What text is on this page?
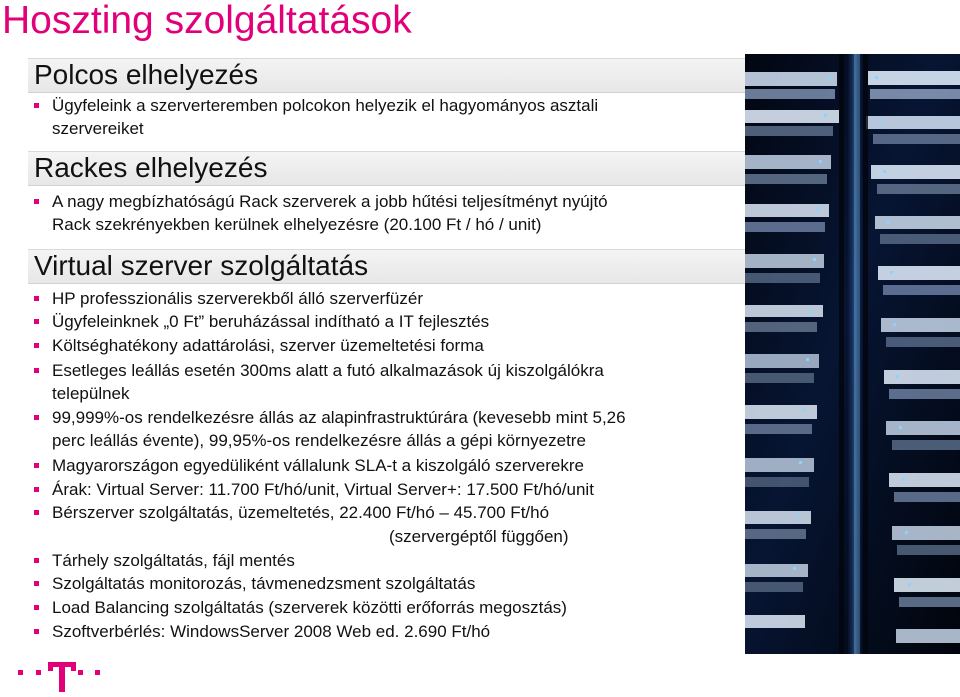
Hoszting szolgáltatások
Polcos elhelyezés
Ügyfeleink a szerverteremben polcokon helyezik el hagyományos asztali
szervereiket
Rackes elhelyezés
A nagy megbízhatóságú Rack szerverek a jobb hűtési teljesítményt nyújtó
Rack szekrényekben kerülnek elhelyezésre (20.100 Ft / hó / unit)
Virtual szerver szolgáltatás
HP professzionális szerverekből álló szerverfüzér
Ügyfeleinknek „0 Ft” beruházással indítható a IT fejlesztés
Költséghatékony adattárolási, szerver üzemeltetési forma
Esetleges leállás esetén 300ms alatt a futó alkalmazások új kiszolgálókra
települnek
99,999%-os rendelkezésre állás az alapinfrastruktúrára (kevesebb mint 5,26
perc leállás évente), 99,95%-os rendelkezésre állás a gépi környezetre
Magyarországon egyedüliként vállalunk SLA-t a kiszolgáló szerverekre
Árak: Virtual Server: 11.700 Ft/hó/unit, Virtual Server+: 17.500 Ft/hó/unit
Bérszerver szolgáltatás, üzemeltetés, 22.400 Ft/hó – 45.700 Ft/hó
(szervergéptől függően)
Tárhely szolgáltatás, fájl mentés
Szolgáltatás monitorozás, távmenedzsment szolgáltatás
Load Balancing szolgáltatás (szerverek közötti erőforrás megosztás)
Szoftverbérlés: WindowsServer 2008 Web ed. 2.690 Ft/hó
